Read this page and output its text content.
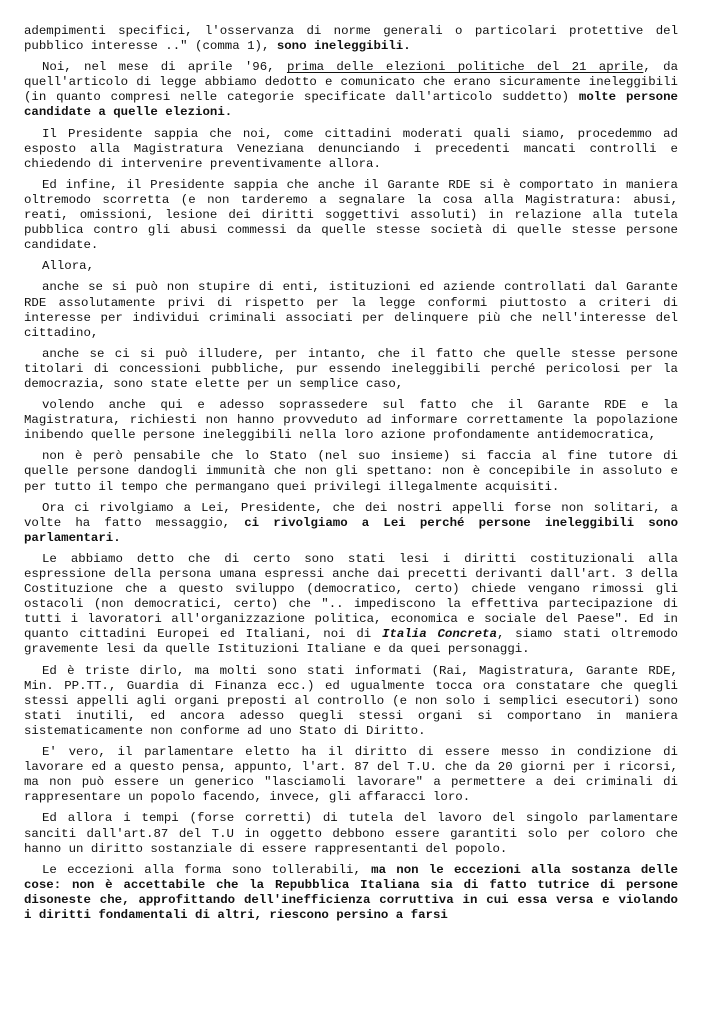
adempimenti specifici, l'osservanza di norme generali o particolari protettive del pubblico interesse .." (comma 1), sono ineleggibili.

Noi, nel mese di aprile '96, prima delle elezioni politiche del 21 aprile, da quell'articolo di legge abbiamo dedotto e comunicato che erano sicuramente ineleggibili (in quanto compresi nelle categorie specificate dall'articolo suddetto) molte persone candidate a quelle elezioni.

Il Presidente sappia che noi, come cittadini moderati quali siamo, procedemmo ad esposto alla Magistratura Veneziana denunciando i precedenti mancati controlli e chiedendo di intervenire preventivamente allora.

Ed infine, il Presidente sappia che anche il Garante RDE si è comportato in maniera oltremodo scorretta (e non tarderemo a segnalare la cosa alla Magistratura: abusi, reati, omissioni, lesione dei diritti soggettivi assoluti) in relazione alla tutela pubblica contro gli abusi commessi da quelle stesse società di quelle stesse persone candidate.

Allora,

anche se si può non stupire di enti, istituzioni ed aziende controllati dal Garante RDE assolutamente privi di rispetto per la legge conformi piuttosto a criteri di interesse per individui criminali associati per delinquere più che nell'interesse del cittadino,

anche se ci si può illudere, per intanto, che il fatto che quelle stesse persone titolari di concessioni pubbliche, pur essendo ineleggibili perché pericolosi per la democrazia, sono state elette per un semplice caso,

volendo anche qui e adesso soprassedere sul fatto che il Garante RDE e la Magistratura, richiesti non hanno provveduto ad informare correttamente la popolazione inibendo quelle persone ineleggibili nella loro azione profondamente antidemocratica,

non è però pensabile che lo Stato (nel suo insieme) si faccia al fine tutore di quelle persone dandogli immunità che non gli spettano: non è concepibile in assoluto e per tutto il tempo che permangano quei privilegi illegalmente acquisiti.

Ora ci rivolgiamo a Lei, Presidente, che dei nostri appelli forse non solitari, a volte ha fatto messaggio, ci rivolgiamo a Lei perché persone ineleggibili sono parlamentari.

Le abbiamo detto che di certo sono stati lesi i diritti costituzionali alla espressione della persona umana espressi anche dai precetti derivanti dall'art. 3 della Costituzione che a questo sviluppo (democratico, certo) chiede vengano rimossi gli ostacoli (non democratici, certo) che ".. impediscono la effettiva partecipazione di tutti i lavoratori all'organizzazione politica, economica e sociale del Paese". Ed in quanto cittadini Europei ed Italiani, noi di Italia Concreta, siamo stati oltremodo gravemente lesi da quelle Istituzioni Italiane e da quei personaggi.

Ed è triste dirlo, ma molti sono stati informati (Rai, Magistratura, Garante RDE, Min. PP.TT., Guardia di Finanza ecc.) ed ugualmente tocca ora constatare che quegli stessi appelli agli organi preposti al controllo (e non solo i semplici esecutori) sono stati inutili, ed ancora adesso quegli stessi organi si comportano in maniera sistematicamente non conforme ad uno Stato di Diritto.

E' vero, il parlamentare eletto ha il diritto di essere messo in condizione di lavorare ed a questo pensa, appunto, l'art. 87 del T.U. che da 20 giorni per i ricorsi, ma non può essere un generico "lasciamoli lavorare" a permettere a dei criminali di rappresentare un popolo facendo, invece, gli affaracci loro.

Ed allora i tempi (forse corretti) di tutela del lavoro del singolo parlamentare sanciti dall'art.87 del T.U in oggetto debbono essere garantiti solo per coloro che hanno un diritto sostanziale di essere rappresentanti del popolo.

Le eccezioni alla forma sono tollerabili, ma non le eccezioni alla sostanza delle cose: non è accettabile che la Repubblica Italiana sia di fatto tutrice di persone disoneste che, approfittando dell'inefficienza corruttiva in cui essa versa e violando i diritti fondamentali di altri, riescono persino a farsi
